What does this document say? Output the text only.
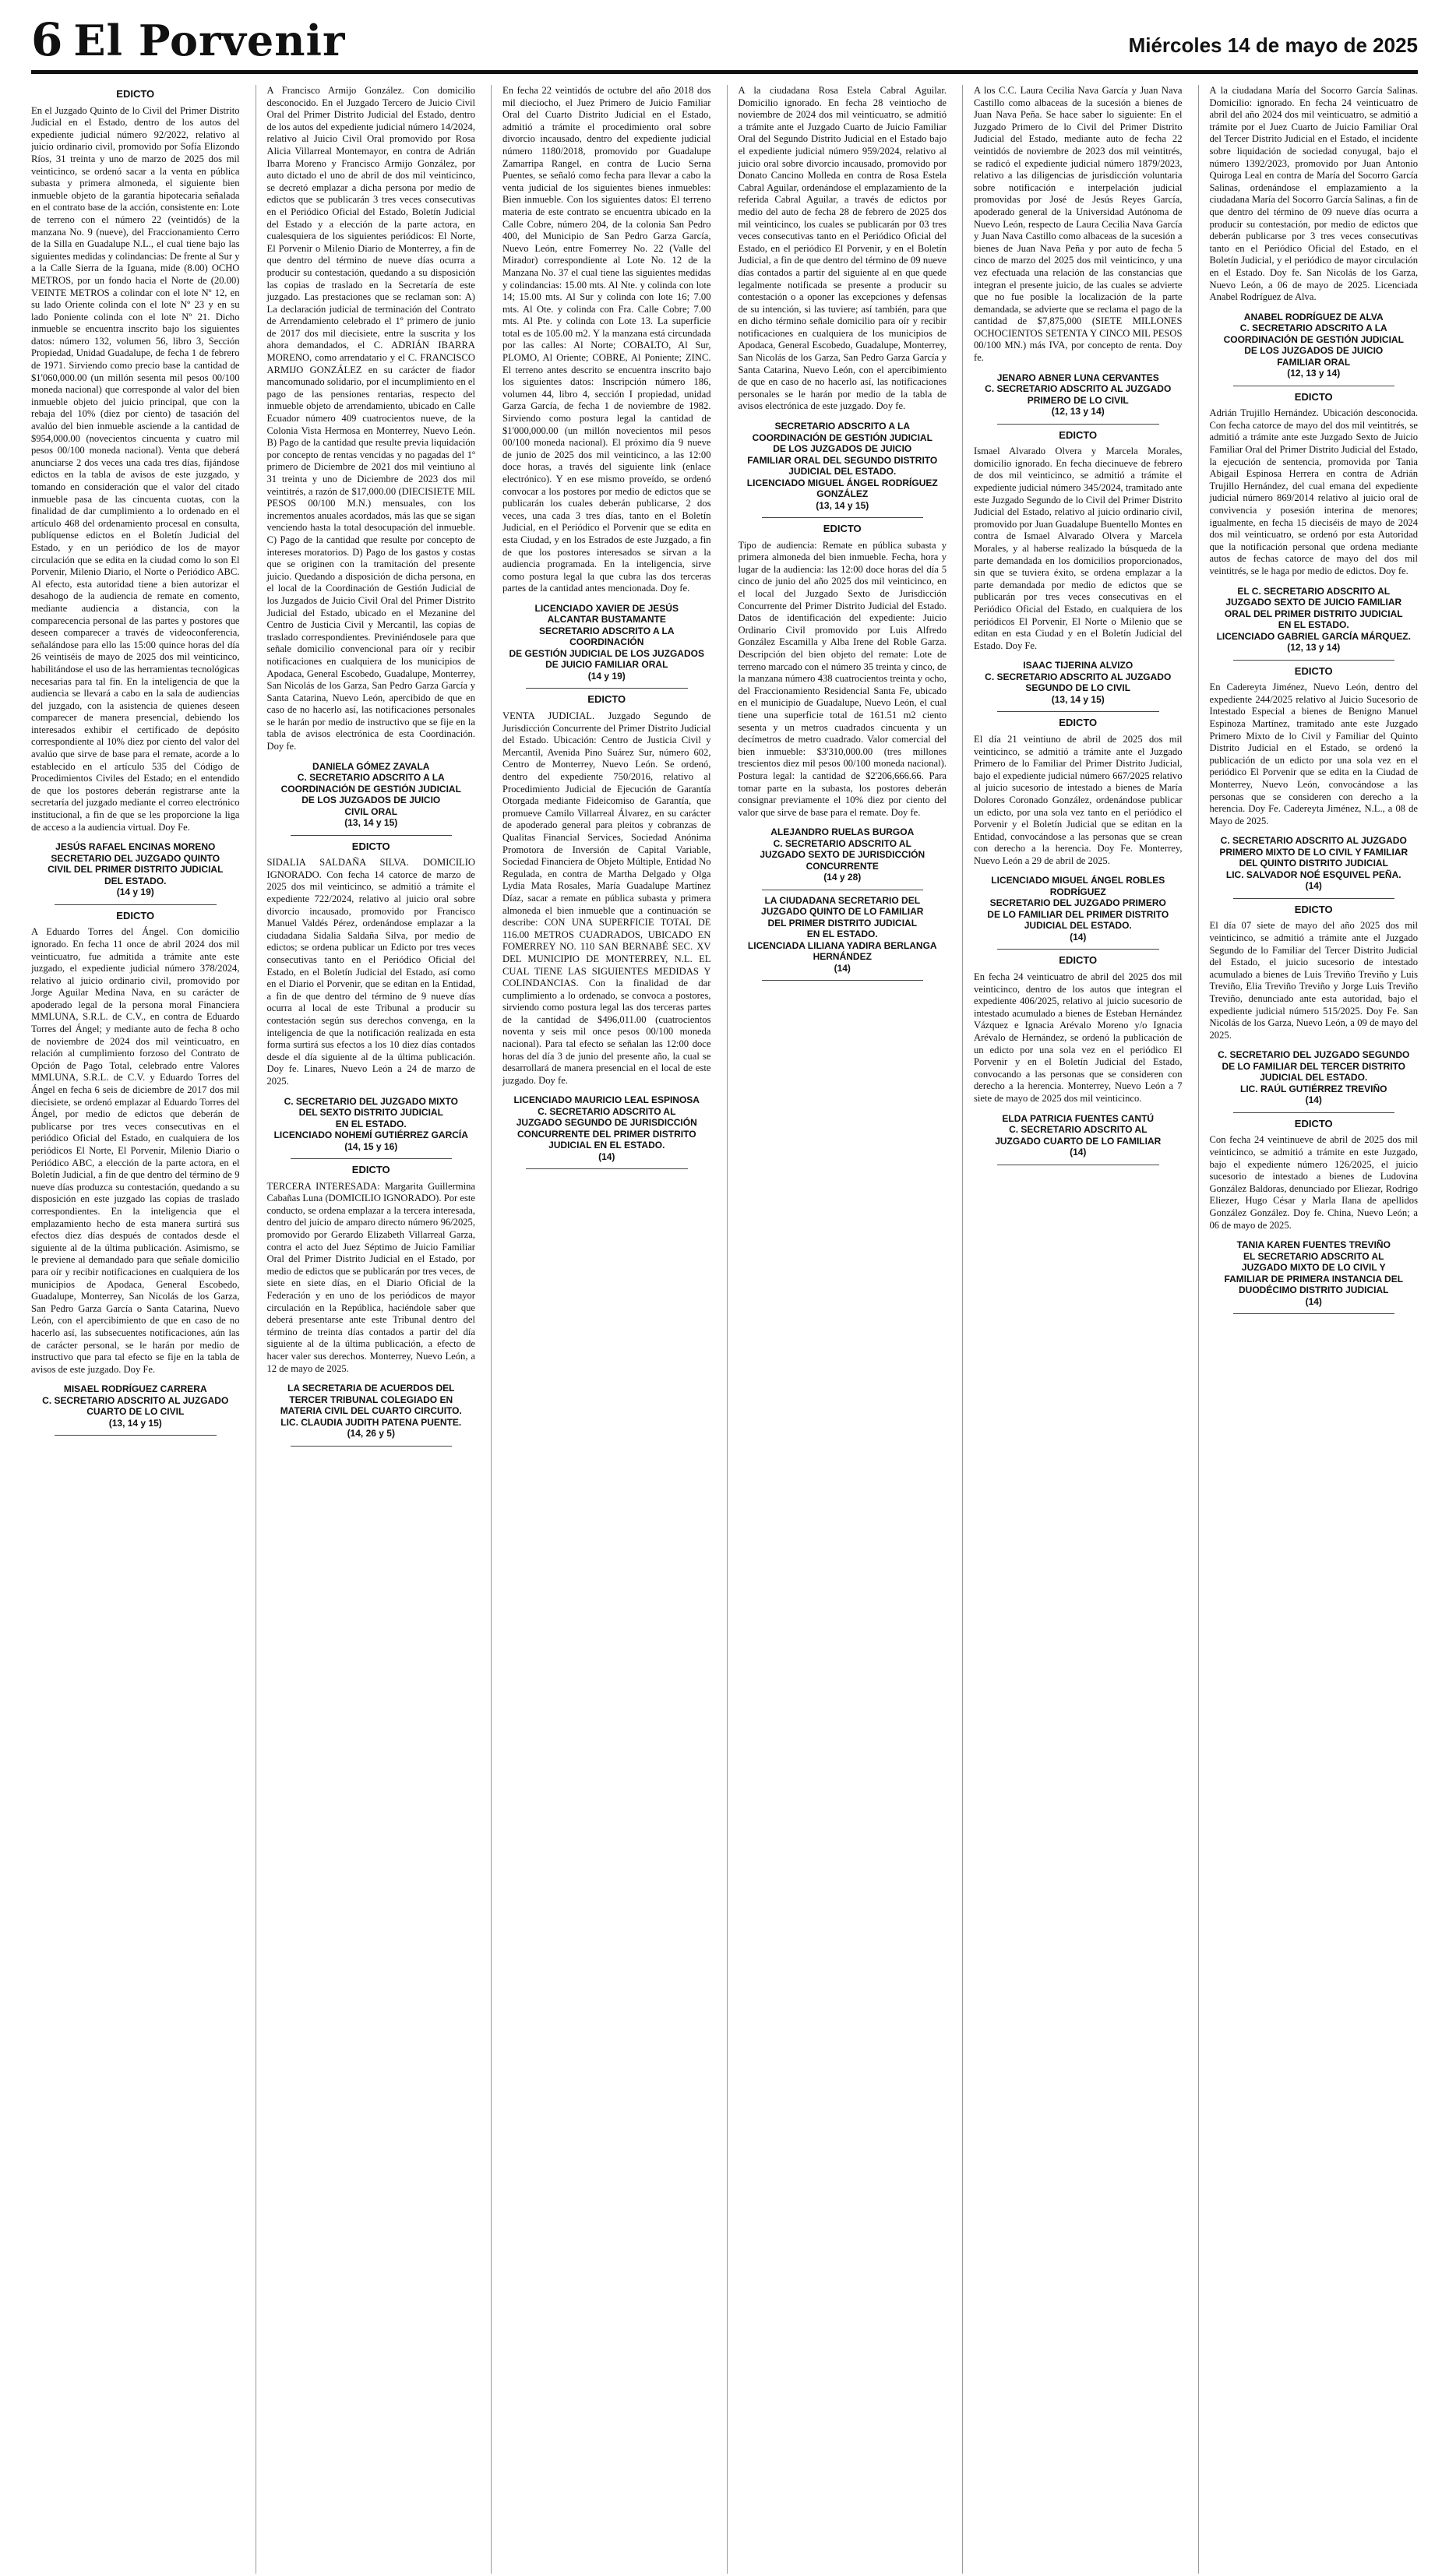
6 El Porvenir	Miércoles 14 de mayo de 2025
EDICTO

En el Juzgado Quinto de lo Civil del Primer Distrito Judicial en el Estado, dentro de los autos del expediente judicial número 92/2022, relativo al juicio ordinario civil, promovido por Sofía Elizondo Ríos, 31 treinta y uno de marzo de 2025 dos mil veinticinco, se ordenó sacar a la venta en pública subasta y primera almoneda, el siguiente bien inmueble objeto de la garantía hipotecaria señalada en el contrato base de la acción, consistente en: Lote de terreno con el número 22 (veintidós) de la manzana No. 9 (nueve), del Fraccionamiento Cerro de la Silla en Guadalupe N.L., el cual tiene bajo las siguientes medidas y colindancias: De frente al Sur y a la Calle Sierra de la Iguana, mide (8.00) OCHO METROS, por un fondo hacia el Norte de (20.00) VEINTE METROS a colindar con el lote Nº 12, en su lado Oriente colinda con el lote Nº 23 y en su lado Poniente colinda con el lote Nº 21. Dicho inmueble se encuentra inscrito bajo los siguientes datos: número 132, volumen 56, libro 3, Sección Propiedad, Unidad Guadalupe, de fecha 1 de febrero de 1971. Sirviendo como precio base la cantidad de $1'060,000.00 (un millón sesenta mil pesos 00/100 moneda nacional) que corresponde al valor del bien inmueble objeto del juicio principal, que con la rebaja del 10% (diez por ciento) de tasación del avalúo del bien inmueble asciende a la cantidad de $954,000.00 (novecientos cincuenta y cuatro mil pesos 00/100 moneda nacional). Venta que deberá anunciarse 2 dos veces una cada tres días, fijándose edictos en la tabla de avisos de este juzgado, y tomando en consideración que el valor del citado inmueble pasa de las cincuenta cuotas, con la finalidad de dar cumplimiento a lo ordenado en el artículo 468 del ordenamiento procesal en consulta, publíquense edictos en el Boletín Judicial del Estado, y en un periódico de los de mayor circulación que se edita en la ciudad como lo son El Porvenir, Milenio Diario, el Norte o Periódico ABC. Al efecto, esta autoridad tiene a bien autorizar el desahogo de la audiencia de remate en comento, mediante audiencia a distancia, con la comparecencia personal de las partes y postores que deseen comparecer a través de videoconferencia, señalándose para ello las 15:00 quince horas del día 26 veintiséis de mayo de 2025 dos mil veinticinco, habilitándose el uso de las herramientas tecnológicas necesarias para tal fin. En la inteligencia de que la audiencia se llevará a cabo en la sala de audiencias del juzgado, con la asistencia de quienes deseen comparecer de manera presencial, debiendo los interesados exhibir el certificado de depósito correspondiente al 10% diez por ciento del valor del avalúo que sirve de base para el remate, acorde a lo establecido en el artículo 535 del Código de Procedimientos Civiles del Estado; en el entendido de que los postores deberán registrarse ante la secretaría del juzgado mediante el correo electrónico institucional, a fin de que se les proporcione la liga de acceso a la audiencia virtual. Doy Fe.

JESÚS RAFAEL ENCINAS MORENO
SECRETARIO DEL JUZGADO QUINTO
CIVIL DEL PRIMER DISTRITO JUDICIAL
DEL ESTADO.
(14 y 19)
EDICTO

A Eduardo Torres del Ángel. Con domicilio ignorado. En fecha 11 once de abril 2024 dos mil veinticuatro, fue admitida a trámite ante este juzgado, el expediente judicial número 378/2024, relativo al juicio ordinario civil, promovido por Jorge Aguilar Medina Nava, en su carácter de apoderado legal de la persona moral Financiera MMLUNA, S.R.L. de C.V., en contra de Eduardo Torres del Ángel; y mediante auto de fecha 8 ocho de noviembre de 2024 dos mil veinticuatro, en relación al cumplimiento forzoso del Contrato de Opción de Pago Total, celebrado entre Valores MMLUNA, S.R.L. de C.V. y Eduardo Torres del Ángel en fecha 6 seis de diciembre de 2017 dos mil diecisiete, se ordenó emplazar al Eduardo Torres del Ángel, por medio de edictos que deberán de publicarse por tres veces consecutivas en el periódico Oficial del Estado, en cualquiera de los periódicos El Norte, El Porvenir, Milenio Diario o Periódico ABC, a elección de la parte actora, en el Boletín Judicial, a fin de que dentro del término de 9 nueve días produzca su contestación, quedando a su disposición en este juzgado las copias de traslado correspondientes. En la inteligencia que el emplazamiento hecho de esta manera surtirá sus efectos diez días después de contados desde el siguiente al de la última publicación. Asimismo, se le previene al demandado para que señale domicilio para oír y recibir notificaciones en cualquiera de los municipios de Apodaca, General Escobedo, Guadalupe, Monterrey, San Nicolás de los Garza, San Pedro Garza García o Santa Catarina, Nuevo León, con el apercibimiento de que en caso de no hacerlo así, las subsecuentes notificaciones, aún las de carácter personal, se le harán por medio de instructivo que para tal efecto se fije en la tabla de avisos de este juzgado. Doy Fe.

MISAEL RODRÍGUEZ CARRERA
C. SECRETARIO ADSCRITO AL JUZGADO
CUARTO DE LO CIVIL
(13, 14 y 15)

A Francisco Armijo González. Con domicilio desconocido. En el Juzgado Tercero de Juicio Civil Oral del Primer Distrito Judicial del Estado, dentro de los autos del expediente judicial número 14/2024, relativo al Juicio Civil Oral promovido por Rosa Alicia Villarreal Montemayor, en contra de Adrián Ibarra Moreno y Francisco Armijo González, por auto dictado el uno de abril de dos mil veinticinco, se decretó emplazar a dicha persona por medio de edictos que se publicarán 3 tres veces consecutivas en el Periódico Oficial del Estado, Boletín Judicial del Estado y a elección de la parte actora, en cualesquiera de los siguientes periódicos: El Norte, El Porvenir o Milenio Diario de Monterrey, a fin de que dentro del término de nueve días ocurra a producir su contestación, quedando a su disposición las copias de traslado en la Secretaría de este juzgado. Las prestaciones que se reclaman son: A) La declaración judicial de terminación del Contrato de Arrendamiento celebrado el 1º primero de junio de 2017 dos mil diecisiete, entre la suscrita y los ahora demandados, el C. ADRIÁN IBARRA MORENO, como arrendatario y el C. FRANCISCO ARMIJO GONZÁLEZ en su carácter de fiador mancomunado solidario, por el incumplimiento en el pago de las pensiones rentarias, respecto del inmueble objeto de arrendamiento, ubicado en Calle Ecuador número 409 cuatrocientos nueve, de la Colonia Vista Hermosa en Monterrey, Nuevo León. B) Pago de la cantidad que resulte previa liquidación por concepto de rentas vencidas y no pagadas del 1º primero de Diciembre de 2021 dos mil veintiuno al 31 treinta y uno de Diciembre de 2023 dos mil veintitrés, a razón de $17,000.00 (DIECISIETE MIL PESOS 00/100 M.N.) mensuales, con los incrementos anuales acordados, más las que se sigan venciendo hasta la total desocupación del inmueble. C) Pago de la cantidad que resulte por concepto de intereses moratorios. D) Pago de los gastos y costas que se originen con la tramitación del presente juicio. Quedando a disposición de dicha persona, en el local de la Coordinación de Gestión Judicial de los Juzgados de Juicio Civil Oral del Primer Distrito Judicial del Estado, ubicado en el Mezanine del Centro de Justicia Civil y Mercantil, las copias de traslado correspondientes. Previniéndosele para que señale domicilio convencional para oír y recibir notificaciones en cualquiera de los municipios de Apodaca, General Escobedo, Guadalupe, Monterrey, San Nicolás de los Garza, San Pedro Garza García y Santa Catarina, Nuevo León, apercibido de que en caso de no hacerlo así, las notificaciones personales se le harán por medio de instructivo que se fije en la tabla de avisos electrónica de esta Coordinación. Doy fe.

DANIELA GÓMEZ ZAVALA
C. SECRETARIO ADSCRITO A LA
COORDINACIÓN DE GESTIÓN JUDICIAL
DE LOS JUZGADOS DE JUICIO
CIVIL ORAL
(13, 14 y 15)
EDICTO

SIDALIA SALDAÑA SILVA. DOMICILIO IGNORADO. Con fecha 14 catorce de marzo de 2025 dos mil veinticinco, se admitió a trámite el expediente 722/2024, relativo al juicio oral sobre divorcio incausado, promovido por Francisco Manuel Valdés Pérez, ordenándose emplazar a la ciudadana Sidalia Saldaña Silva, por medio de edictos; se ordena publicar un Edicto por tres veces consecutivas tanto en el Periódico Oficial del Estado, en el Boletín Judicial del Estado, así como en el Diario el Porvenir, que se editan en la Entidad, a fin de que dentro del término de 9 nueve días ocurra al local de este Tribunal a producir su contestación según sus derechos convenga, en la inteligencia de que la notificación realizada en esta forma surtirá sus efectos a los 10 diez días contados desde el día siguiente al de la última publicación. Doy fe. Linares, Nuevo León a 24 de marzo de 2025.

C. SECRETARIO DEL JUZGADO MIXTO
DEL SEXTO DISTRITO JUDICIAL
EN EL ESTADO.
LICENCIADO NOHEMÍ GUTIÉRREZ GARCÍA
(14, 15 y 16)
EDICTO

TERCERA INTERESADA: Margarita Guillermina Cabañas Luna (DOMICILIO IGNORADO). Por este conducto, se ordena emplazar a la tercera interesada, dentro del juicio de amparo directo número 96/2025, promovido por Gerardo Elizabeth Villarreal Garza, contra el acto del Juez Séptimo de Juicio Familiar Oral del Primer Distrito Judicial en el Estado, por medio de edictos que se publicarán por tres veces, de siete en siete días, en el Diario Oficial de la Federación y en uno de los periódicos de mayor circulación en la República, haciéndole saber que deberá presentarse ante este Tribunal dentro del término de treinta días contados a partir del día siguiente al de la última publicación, a efecto de hacer valer sus derechos. Monterrey, Nuevo León, a 12 de mayo de 2025.

LA SECRETARIA DE ACUERDOS DEL
TERCER TRIBUNAL COLEGIADO EN
MATERIA CIVIL DEL CUARTO CIRCUITO.
LIC. CLAUDIA JUDITH PATENA PUENTE.
(14, 26 y 5)

En fecha 22 veintidós de octubre del año 2018 dos mil dieciocho, el Juez Primero de Juicio Familiar Oral del Cuarto Distrito Judicial en el Estado, admitió a trámite el procedimiento oral sobre divorcio incausado, dentro del expediente judicial número 1180/2018, promovido por Guadalupe Zamarripa Rangel, en contra de Lucio Serna Puentes, se señaló como fecha para llevar a cabo la venta judicial de los siguientes bienes inmuebles: Bien inmueble. Con los siguientes datos: El terreno materia de este contrato se encuentra ubicado en la Calle Cobre, número 204, de la colonia San Pedro 400, del Municipio de San Pedro Garza García, Nuevo León, entre Fomerrey No. 22 (Valle del Mirador) correspondiente al Lote No. 12 de la Manzana No. 37 el cual tiene las siguientes medidas y colindancias: 15.00 mts. Al Nte. y colinda con lote 14; 15.00 mts. Al Sur y colinda con lote 16; 7.00 mts. Al Ote. y colinda con Fra. Calle Cobre; 7.00 mts. Al Pte. y colinda con Lote 13. La superficie total es de 105.00 m2. Y la manzana está circundada por las calles: Al Norte; COBALTO, Al Sur, PLOMO, Al Oriente; COBRE, Al Poniente; ZINC. El terreno antes descrito se encuentra inscrito bajo los siguientes datos: Inscripción número 186, volumen 44, libro 4, sección I propiedad, unidad Garza García, de fecha 1 de noviembre de 1982. Sirviendo como postura legal la cantidad de $1'000,000.00 (un millón novecientos mil pesos 00/100 moneda nacional). El próximo día 9 nueve de junio de 2025 dos mil veinticinco, a las 12:00 doce horas, a través del siguiente link (enlace electrónico). Y en ese mismo proveído, se ordenó convocar a los postores por medio de edictos que se publicarán los cuales deberán publicarse, 2 dos veces, una cada 3 tres días, tanto en el Boletín Judicial, en el Periódico el Porvenir que se edita en esta Ciudad, y en los Estrados de este Juzgado, a fin de que los postores interesados se sirvan a la audiencia programada. En la inteligencia, sirve como postura legal la que cubra las dos terceras partes de la cantidad antes mencionada. Doy fe.

LICENCIADO XAVIER DE JESÚS
ALCANTAR BUSTAMANTE
SECRETARIO ADSCRITO A LA COORDINACIÓN
DE GESTIÓN JUDICIAL DE LOS JUZGADOS
DE JUICIO FAMILIAR ORAL
(14 y 19)
EDICTO

VENTA JUDICIAL. Juzgado Segundo de Jurisdicción Concurrente del Primer Distrito Judicial del Estado. Ubicación: Centro de Justicia Civil y Mercantil, Avenida Pino Suárez Sur, número 602, Centro de Monterrey, Nuevo León. Se ordenó, dentro del expediente 750/2016, relativo al Procedimiento Judicial de Ejecución de Garantía Otorgada mediante Fideicomiso de Garantía, que promueve Camilo Villarreal Álvarez, en su carácter de apoderado general para pleitos y cobranzas de Qualitas Financial Services, Sociedad Anónima Promotora de Inversión de Capital Variable, Sociedad Financiera de Objeto Múltiple, Entidad No Regulada, en contra de Martha Delgado y Olga Lydia Mata Rosales, María Guadalupe Martínez Díaz, sacar a remate en pública subasta y primera almoneda el bien inmueble que a continuación se describe: CON UNA SUPERFICIE TOTAL DE 116.00 METROS CUADRADOS, UBICADO EN FOMERREY NO. 110 SAN BERNABÉ SEC. XV DEL MUNICIPIO DE MONTERREY, N.L. EL CUAL TIENE LAS SIGUIENTES MEDIDAS Y COLINDANCIAS. Con la finalidad de dar cumplimiento a lo ordenado, se convoca a postores, sirviendo como postura legal las dos terceras partes de la cantidad de $496,011.00 (cuatrocientos noventa y seis mil once pesos 00/100 moneda nacional). Para tal efecto se señalan las 12:00 doce horas del día 3 de junio del presente año, la cual se desarrollará de manera presencial en el local de este juzgado. Doy fe.

LICENCIADO MAURICIO LEAL ESPINOSA
C. SECRETARIO ADSCRITO AL
JUZGADO SEGUNDO DE JURISDICCIÓN
CONCURRENTE DEL PRIMER DISTRITO
JUDICIAL EN EL ESTADO.
(14)

A la ciudadana Rosa Estela Cabral Aguilar. Domicilio ignorado. En fecha 28 veintiocho de noviembre de 2024 dos mil veinticuatro, se admitió a trámite ante el Juzgado Cuarto de Juicio Familiar Oral del Segundo Distrito Judicial en el Estado bajo el expediente judicial número 959/2024, relativo al juicio oral sobre divorcio incausado, promovido por Donato Cancino Molleda en contra de Rosa Estela Cabral Aguilar, ordenándose el emplazamiento de la referida Cabral Aguilar, a través de edictos por medio del auto de fecha 28 de febrero de 2025 dos mil veinticinco, los cuales se publicarán por 03 tres veces consecutivas tanto en el Periódico Oficial del Estado, en el periódico El Porvenir, y en el Boletín Judicial, a fin de que dentro del término de 09 nueve días contados a partir del siguiente al en que quede legalmente notificada se presente a producir su contestación o a oponer las excepciones y defensas de su intención, si las tuviere; así también, para que en dicho término señale domicilio para oír y recibir notificaciones en cualquiera de los municipios de Apodaca, General Escobedo, Guadalupe, Monterrey, San Nicolás de los Garza, San Pedro Garza García y Santa Catarina, Nuevo León, con el apercibimiento de que en caso de no hacerlo así, las notificaciones personales se le harán por medio de la tabla de avisos electrónica de este juzgado. Doy fe.

SECRETARIO ADSCRITO A LA
COORDINACIÓN DE GESTIÓN JUDICIAL
DE LOS JUZGADOS DE JUICIO
FAMILIAR ORAL DEL SEGUNDO DISTRITO
JUDICIAL DEL ESTADO.
LICENCIADO MIGUEL ÁNGEL RODRÍGUEZ
GONZÁLEZ
(13, 14 y 15)
EDICTO

Tipo de audiencia: Remate en pública subasta y primera almoneda del bien inmueble. Fecha, hora y lugar de la audiencia: las 12:00 doce horas del día 5 cinco de junio del año 2025 dos mil veinticinco, en el local del Juzgado Sexto de Jurisdicción Concurrente del Primer Distrito Judicial del Estado. Datos de identificación del expediente: Juicio Ordinario Civil promovido por Luis Alfredo González Escamilla y Alba Irene del Roble Garza. Descripción del bien objeto del remate: Lote de terreno marcado con el número 35 treinta y cinco, de la manzana número 438 cuatrocientos treinta y ocho, del Fraccionamiento Residencial Santa Fe, ubicado en el municipio de Guadalupe, Nuevo León, el cual tiene una superficie total de 161.51 m2 ciento sesenta y un metros cuadrados cincuenta y un decímetros de metro cuadrado. Valor comercial del bien inmueble: $3'310,000.00 (tres millones trescientos diez mil pesos 00/100 moneda nacional). Postura legal: la cantidad de $2'206,666.66. Para tomar parte en la subasta, los postores deberán consignar previamente el 10% diez por ciento del valor que sirve de base para el remate. Doy fe.

ALEJANDRO RUELAS BURGOA
C. SECRETARIO ADSCRITO AL
JUZGADO SEXTO DE JURISDICCIÓN
CONCURRENTE
(14 y 28)
LA CIUDADANA SECRETARIO DEL
JUZGADO QUINTO DE LO FAMILIAR
DEL PRIMER DISTRITO JUDICIAL
EN EL ESTADO.
LICENCIADA LILIANA YADIRA BERLANGA
HERNÁNDEZ
(14)

A los C.C. Laura Cecilia Nava García y Juan Nava Castillo como albaceas de la sucesión a bienes de Juan Nava Peña. Se hace saber lo siguiente: En el Juzgado Primero de lo Civil del Primer Distrito Judicial del Estado, mediante auto de fecha 22 veintidós de noviembre de 2023 dos mil veintitrés, se radicó el expediente judicial número 1879/2023, relativo a las diligencias de jurisdicción voluntaria sobre notificación e interpelación judicial promovidas por José de Jesús Reyes García, apoderado general de la Universidad Autónoma de Nuevo León, respecto de Laura Cecilia Nava García y Juan Nava Castillo como albaceas de la sucesión a bienes de Juan Nava Peña y por auto de fecha 5 cinco de marzo del 2025 dos mil veinticinco, y una vez efectuada una relación de las constancias que integran el presente juicio, de las cuales se advierte que no fue posible la localización de la parte demandada, se advierte que se reclama el pago de la cantidad de $7,875,000 (SIETE MILLONES OCHOCIENTOS SETENTA Y CINCO MIL PESOS 00/100 MN.) más IVA, por concepto de renta. Doy fe.

JENARO ABNER LUNA CERVANTES
C. SECRETARIO ADSCRITO AL JUZGADO
PRIMERO DE LO CIVIL
(12, 13 y 14)
EDICTO

Ismael Alvarado Olvera y Marcela Morales, domicilio ignorado. En fecha diecinueve de febrero de dos mil veinticinco, se admitió a trámite el expediente judicial número 345/2024, tramitado ante este Juzgado Segundo de lo Civil del Primer Distrito Judicial del Estado, relativo al juicio ordinario civil, promovido por Juan Guadalupe Buentello Montes en contra de Ismael Alvarado Olvera y Marcela Morales, y al haberse realizado la búsqueda de la parte demandada en los domicilios proporcionados, sin que se tuviera éxito, se ordena emplazar a la parte demandada por medio de edictos que se publicarán por tres veces consecutivas en el Periódico Oficial del Estado, en cualquiera de los periódicos El Porvenir, El Norte o Milenio que se editan en esta Ciudad y en el Boletín Judicial del Estado. Doy Fe.

ISAAC TIJERINA ALVIZO
C. SECRETARIO ADSCRITO AL JUZGADO
SEGUNDO DE LO CIVIL
(13, 14 y 15)
EDICTO

El día 21 veintiuno de abril de 2025 dos mil veinticinco, se admitió a trámite ante el Juzgado Primero de lo Familiar del Primer Distrito Judicial, bajo el expediente judicial número 667/2025 relativo al juicio sucesorio de intestado a bienes de María Dolores Coronado González, ordenándose publicar un edicto, por una sola vez tanto en el periódico el Porvenir y el Boletín Judicial que se editan en la Entidad, convocándose a las personas que se crean con derecho a la herencia. Doy Fe. Monterrey, Nuevo León a 29 de abril de 2025.

LICENCIADO MIGUEL ÁNGEL ROBLES
RODRÍGUEZ
SECRETARIO DEL JUZGADO PRIMERO
DE LO FAMILIAR DEL PRIMER DISTRITO
JUDICIAL DEL ESTADO.
(14)
EDICTO

En fecha 24 veinticuatro de abril del 2025 dos mil veinticinco, dentro de los autos que integran el expediente 406/2025, relativo al juicio sucesorio de intestado acumulado a bienes de Esteban Hernández Vázquez e Ignacia Arévalo Moreno y/o Ignacia Arévalo de Hernández, se ordenó la publicación de un edicto por una sola vez en el periódico El Porvenir y en el Boletín Judicial del Estado, convocando a las personas que se consideren con derecho a la herencia. Monterrey, Nuevo León a 7 siete de mayo de 2025 dos mil veinticinco.

ELDA PATRICIA FUENTES CANTÚ
C. SECRETARIO ADSCRITO AL
JUZGADO CUARTO DE LO FAMILIAR
(14)

A la ciudadana María del Socorro García Salinas. Domicilio: ignorado. En fecha 24 veinticuatro de abril del año 2024 dos mil veinticuatro, se admitió a trámite por el Juez Cuarto de Juicio Familiar Oral del Tercer Distrito Judicial en el Estado, el incidente sobre liquidación de sociedad conyugal, bajo el número 1392/2023, promovido por Juan Antonio Quiroga Leal en contra de María del Socorro García Salinas, ordenándose el emplazamiento a la ciudadana María del Socorro García Salinas, a fin de que dentro del término de 09 nueve días ocurra a producir su contestación, por medio de edictos que deberán publicarse por 3 tres veces consecutivas tanto en el Periódico Oficial del Estado, en el Boletín Judicial, y el periódico de mayor circulación en el Estado. Doy fe. San Nicolás de los Garza, Nuevo León, a 06 de mayo de 2025. Licenciada Anabel Rodríguez de Alva.

ANABEL RODRÍGUEZ DE ALVA
C. SECRETARIO ADSCRITO A LA
COORDINACIÓN DE GESTIÓN JUDICIAL
DE LOS JUZGADOS DE JUICIO
FAMILIAR ORAL
(12, 13 y 14)
EDICTO

Adrián Trujillo Hernández. Ubicación desconocida. Con fecha catorce de mayo del dos mil veintitrés, se admitió a trámite ante este Juzgado Sexto de Juicio Familiar Oral del Primer Distrito Judicial del Estado, la ejecución de sentencia, promovida por Tania Abigail Espinosa Herrera en contra de Adrián Trujillo Hernández, del cual emana del expediente judicial número 869/2014 relativo al juicio oral de convivencia y posesión interina de menores; igualmente, en fecha 15 dieciséis de mayo de 2024 dos mil veinticuatro, se ordenó por esta Autoridad que la notificación personal que ordena mediante autos de fechas catorce de mayo del dos mil veintitrés, se le haga por medio de edictos. Doy fe.

EL C. SECRETARIO ADSCRITO AL
JUZGADO SEXTO DE JUICIO FAMILIAR
ORAL DEL PRIMER DISTRITO JUDICIAL
EN EL ESTADO.
LICENCIADO GABRIEL GARCÍA MÁRQUEZ.
(12, 13 y 14)
EDICTO

En Cadereyta Jiménez, Nuevo León, dentro del expediente 244/2025 relativo al Juicio Sucesorio de Intestado Especial a bienes de Benigno Manuel Espinoza Martínez, tramitado ante este Juzgado Primero Mixto de lo Civil y Familiar del Quinto Distrito Judicial en el Estado, se ordenó la publicación de un edicto por una sola vez en el periódico El Porvenir que se edita en la Ciudad de Monterrey, Nuevo León, convocándose a las personas que se consideren con derecho a la herencia. Doy Fe. Cadereyta Jiménez, N.L., a 08 de Mayo de 2025.

C. SECRETARIO ADSCRITO AL JUZGADO
PRIMERO MIXTO DE LO CIVIL Y FAMILIAR
DEL QUINTO DISTRITO JUDICIAL
LIC. SALVADOR NOÉ ESQUIVEL PEÑA.
(14)
EDICTO

El día 07 siete de mayo del año 2025 dos mil veinticinco, se admitió a trámite ante el Juzgado Segundo de lo Familiar del Tercer Distrito Judicial del Estado, el juicio sucesorio de intestado acumulado a bienes de Luis Treviño Treviño y Luis Treviño, Elia Treviño Treviño y Jorge Luis Treviño Treviño, denunciado ante esta autoridad, bajo el expediente judicial número 515/2025. Doy Fe. San Nicolás de los Garza, Nuevo León, a 09 de mayo del 2025.

C. SECRETARIO DEL JUZGADO SEGUNDO
DE LO FAMILIAR DEL TERCER DISTRITO
JUDICIAL DEL ESTADO.
LIC. RAÚL GUTIÉRREZ TREVIÑO
(14)
EDICTO

Con fecha 24 veintinueve de abril de 2025 dos mil veinticinco, se admitió a trámite en este Juzgado, bajo el expediente número 126/2025, el juicio sucesorio de intestado a bienes de Ludovina González Baldoras, denunciado por Eliezar, Rodrigo Eliezer, Hugo César y Marla Ilana de apellidos González González. Doy fe. China, Nuevo León; a 06 de mayo de 2025.

TANIA KAREN FUENTES TREVIÑO
EL SECRETARIO ADSCRITO AL
JUZGADO MIXTO DE LO CIVIL Y
FAMILIAR DE PRIMERA INSTANCIA DEL
DUODÉCIMO DISTRITO JUDICIAL
(14)
